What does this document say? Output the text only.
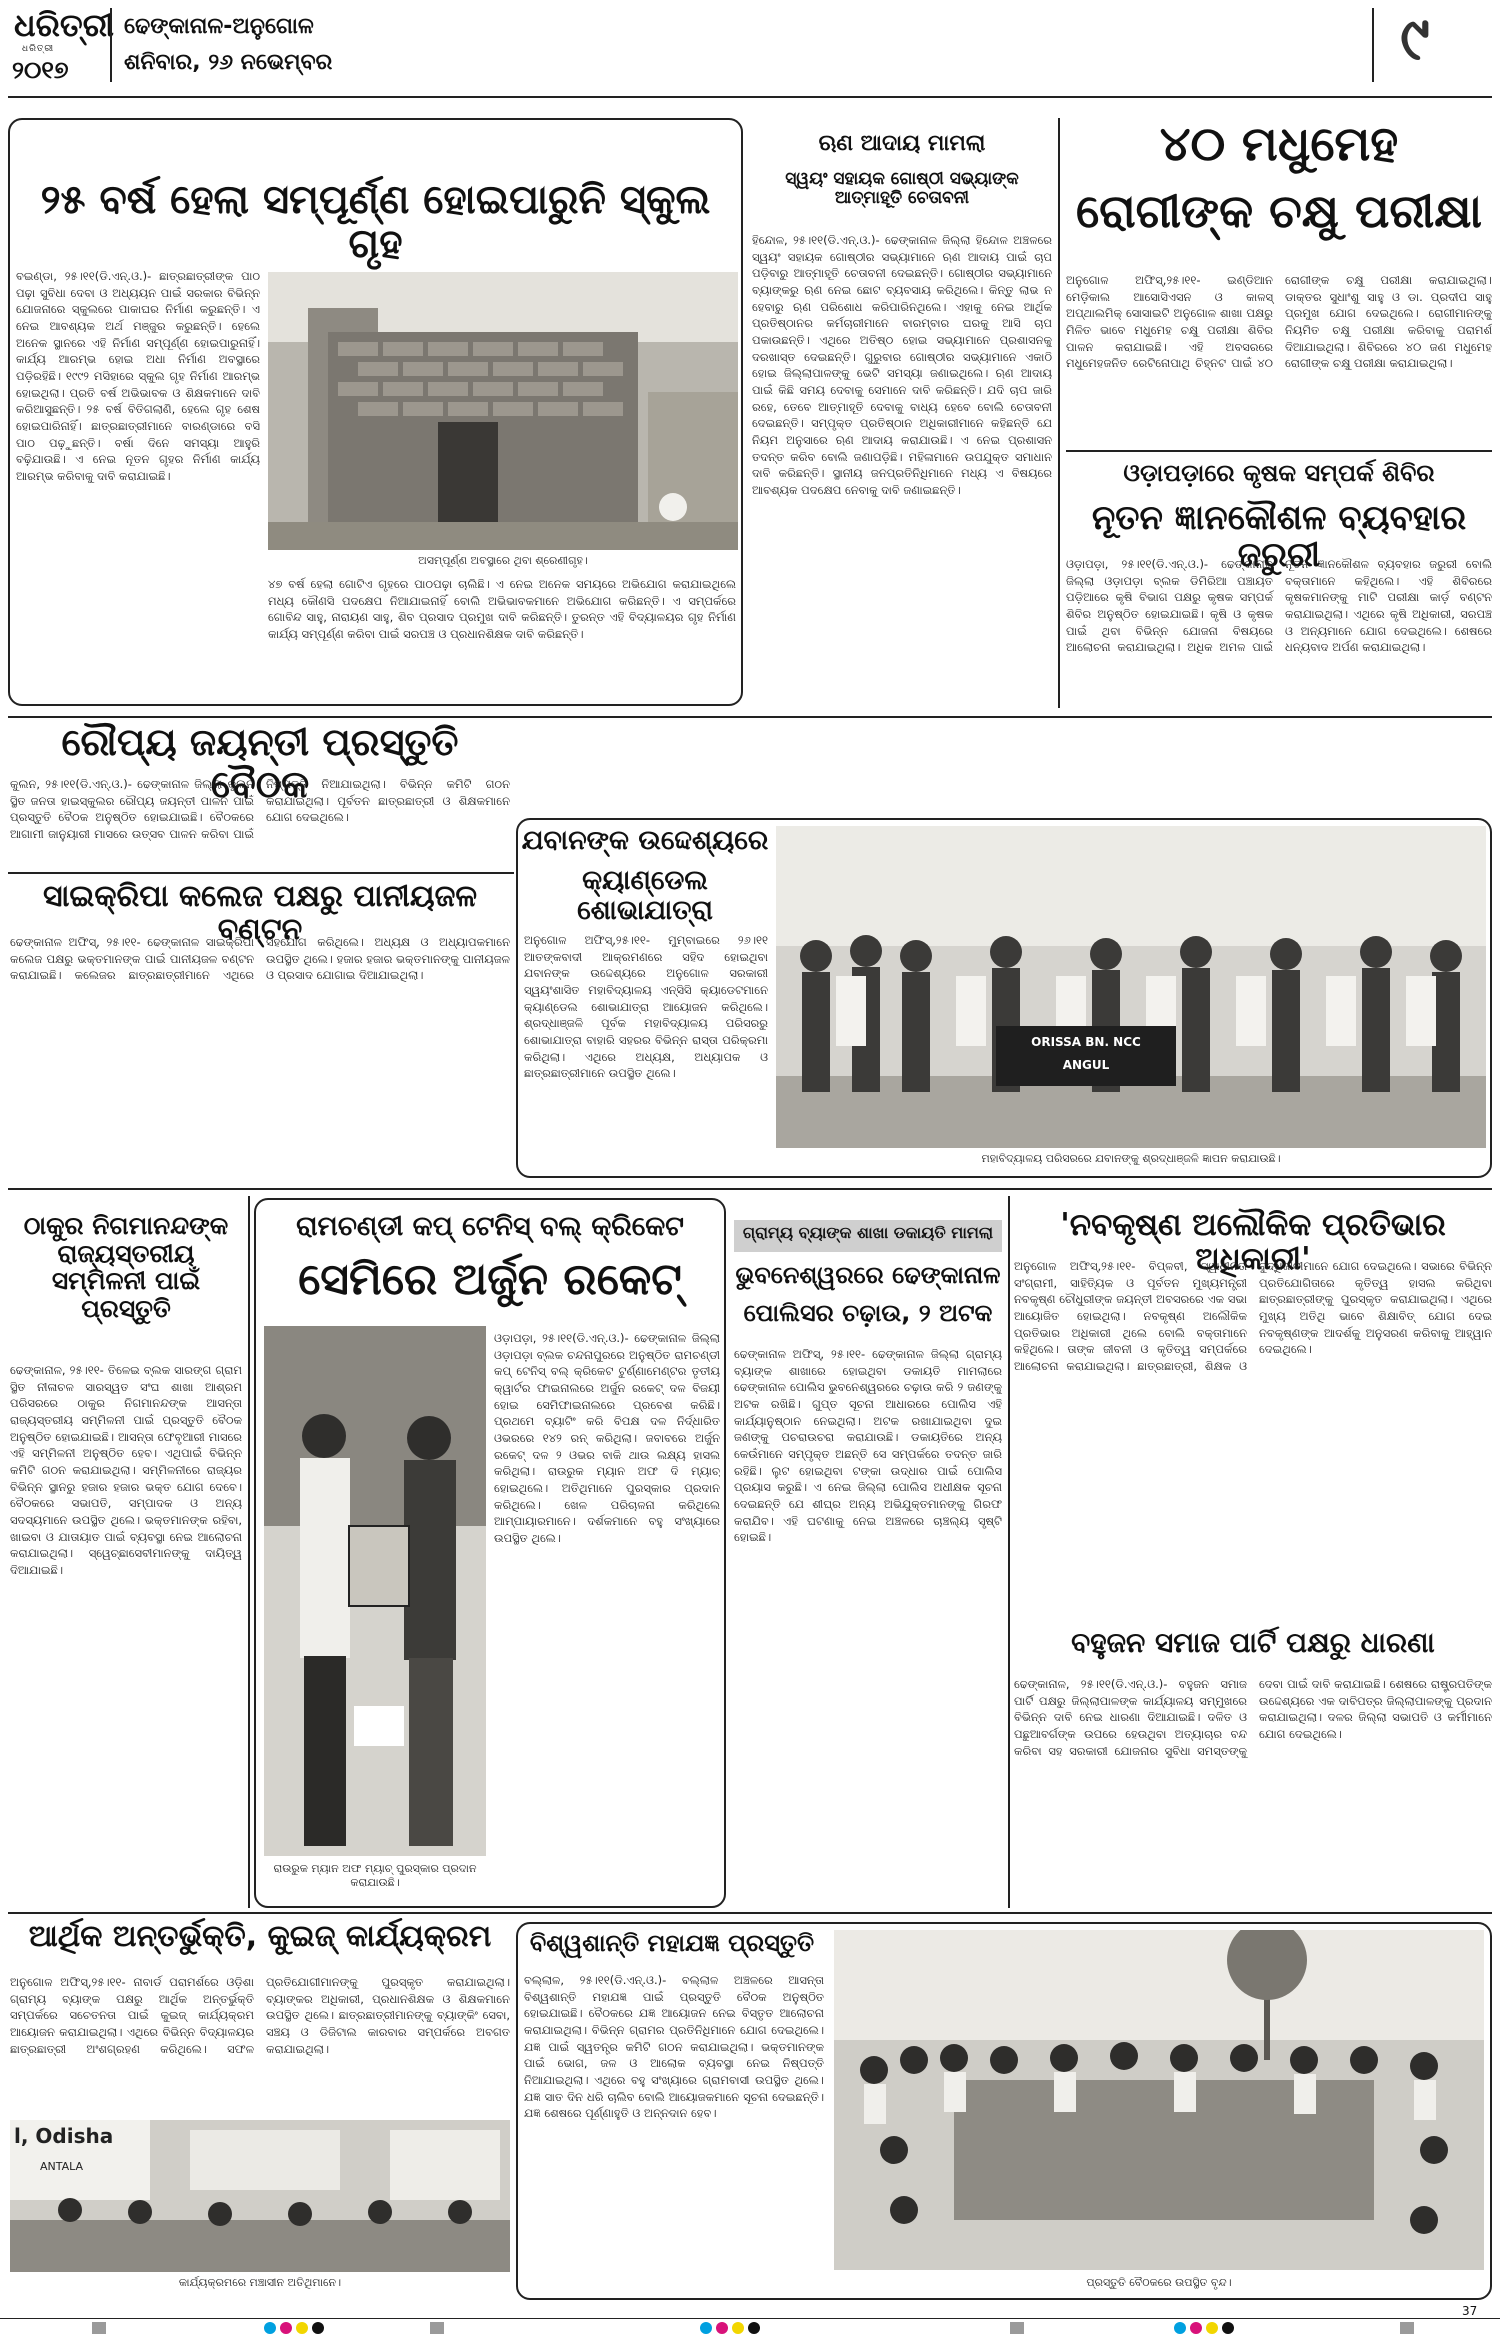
ଧରିତ୍ରୀ
ଧରିତ୍ରୀ
୨୦୧୭
ଢେଙ୍କାନାଳ-ଅନୁଗୋଳ
ଶନିବାର, ୨୬ ନଭେମ୍ବର	୯
୨୫ ବର୍ଷ ହେଲା ସମ୍ପୂର୍ଣ୍ଣ ହୋଇପାରୁନି ସ୍କୁଲ ଗୃହ
ଅସମ୍ପୂର୍ଣ୍ଣ ଅବସ୍ଥାରେ ଥିବା ଶ୍ରେଣୀଗୃହ।
ବଇଣ୍ଡା, ୨୫।୧୧(ଡି.ଏନ୍.ଓ.)- ଛାତ୍ରଛାତ୍ରୀଙ୍କ ପାଠ ପଢ଼ା ସୁବିଧା ଦେବା ଓ ଅଧ୍ୟୟନ ପାଇଁ ସରକାର ବିଭିନ୍ନ ଯୋଜନାରେ ସ୍କୁଲରେ ପାକାଘର ନିର୍ମାଣ କରୁଛନ୍ତି। ଏ ନେଇ ଆବଶ୍ୟକ ଅର୍ଥ ମଞ୍ଜୁର କରୁଛନ୍ତି। ହେଲେ ଅନେକ ସ୍ଥାନରେ ଏହି ନିର୍ମାଣ ସମ୍ପୂର୍ଣ୍ଣ ହୋଇପାରୁନାହିଁ। କାର୍ଯ୍ୟ ଆରମ୍ଭ ହୋଇ ଅଧା ନିର୍ମାଣ ଅବସ୍ଥାରେ ପଡ଼ିରହିଛି। ୧୯୯୨ ମସିହାରେ ସ୍କୁଲ ଗୃହ ନିର୍ମାଣ ଆରମ୍ଭ ହୋଇଥିଲା। ପ୍ରତି ବର୍ଷ ଅଭିଭାବକ ଓ ଶିକ୍ଷକମାନେ ଦାବି କରିଆସୁଛନ୍ତି। ୨୫ ବର୍ଷ ବିତିଗଲାଣି, ହେଲେ ଗୃହ ଶେଷ ହୋଇପାରିନାହିଁ। ଛାତ୍ରଛାତ୍ରୀମାନେ ବାରଣ୍ଡାରେ ବସି ପାଠ ପଢ଼ୁଛନ୍ତି। ବର୍ଷା ଦିନେ ସମସ୍ୟା ଆହୁରି ବଢ଼ିଯାଉଛି। ଏ ନେଇ ନୂତନ ଗୃହର ନିର୍ମାଣ କାର୍ଯ୍ୟ ଆରମ୍ଭ କରିବାକୁ ଦାବି କରାଯାଇଛି।
୪୭ ବର୍ଷ ହେଲା ଗୋଟିଏ ଗୃହରେ ପାଠପଢ଼ା ଚାଲିଛି। ଏ ନେଇ ଅନେକ ସମୟରେ ଅଭିଯୋଗ କରାଯାଇଥିଲେ ମଧ୍ୟ କୌଣସି ପଦକ୍ଷେପ ନିଆଯାଇନାହିଁ ବୋଲି ଅଭିଭାବକମାନେ ଅଭିଯୋଗ କରିଛନ୍ତି। ଏ ସମ୍ପର୍କରେ ଗୋବିନ୍ଦ ସାହୁ, ନାରାୟଣ ସାହୁ, ଶିବ ପ୍ରସାଦ ପ୍ରମୁଖ ଦାବି କରିଛନ୍ତି। ତୁରନ୍ତ ଏହି ବିଦ୍ୟାଳୟର ଗୃହ ନିର୍ମାଣ କାର୍ଯ୍ୟ ସମ୍ପୂର୍ଣ୍ଣ କରିବା ପାଇଁ ସରପଞ୍ଚ ଓ ପ୍ରଧାନଶିକ୍ଷକ ଦାବି କରିଛନ୍ତି।
ଋଣ ଆଦାୟ ମାମଲା
ସ୍ୱୟଂ ସହାୟକ ଗୋଷ୍ଠୀ ସଭ୍ୟାଙ୍କ ଆତ୍ମାହୂତି ଚେତାବନୀ
ହିନ୍ଦୋଳ, ୨୫।୧୧(ଡି.ଏନ୍.ଓ.)- ଢେଙ୍କାନାଳ ଜିଲ୍ଲା ହିନ୍ଦୋଳ ଅଞ୍ଚଳରେ ସ୍ୱୟଂ ସହାୟକ ଗୋଷ୍ଠୀର ସଭ୍ୟାମାନେ ଋଣ ଆଦାୟ ପାଇଁ ଚାପ ପଡ଼ିବାରୁ ଆତ୍ମାହୂତି ଚେତାବନୀ ଦେଇଛନ୍ତି। ଗୋଷ୍ଠୀର ସଭ୍ୟାମାନେ ବ୍ୟାଙ୍କରୁ ଋଣ ନେଇ ଛୋଟ ବ୍ୟବସାୟ କରିଥିଲେ। କିନ୍ତୁ ଲାଭ ନ ହେବାରୁ ଋଣ ପରିଶୋଧ କରିପାରିନଥିଲେ। ଏହାକୁ ନେଇ ଆର୍ଥିକ ପ୍ରତିଷ୍ଠାନର କର୍ମଚାରୀମାନେ ବାରମ୍ବାର ଘରକୁ ଆସି ଚାପ ପକାଉଛନ୍ତି। ଏଥିରେ ଅତିଷ୍ଠ ହୋଇ ସଭ୍ୟାମାନେ ପ୍ରଶାସନକୁ ଦରଖାସ୍ତ ଦେଇଛନ୍ତି। ଗୁରୁବାର ଗୋଷ୍ଠୀର ସଭ୍ୟାମାନେ ଏକାଠି ହୋଇ ଜିଲ୍ଲାପାଳଙ୍କୁ ଭେଟି ସମସ୍ୟା ଜଣାଇଥିଲେ। ଋଣ ଆଦାୟ ପାଇଁ କିଛି ସମୟ ଦେବାକୁ ସେମାନେ ଦାବି କରିଛନ୍ତି। ଯଦି ଚାପ ଜାରି ରହେ, ତେବେ ଆତ୍ମାହୂତି ଦେବାକୁ ବାଧ୍ୟ ହେବେ ବୋଲି ଚେତାବନୀ ଦେଇଛନ୍ତି। ସମ୍ପୃକ୍ତ ପ୍ରତିଷ୍ଠାନ ଅଧିକାରୀମାନେ କହିଛନ୍ତି ଯେ ନିୟମ ଅନୁସାରେ ଋଣ ଆଦାୟ କରାଯାଉଛି। ଏ ନେଇ ପ୍ରଶାସନ ତଦନ୍ତ କରିବ ବୋଲି ଜଣାପଡ଼ିଛି। ମହିଳାମାନେ ଉପଯୁକ୍ତ ସମାଧାନ ଦାବି କରିଛନ୍ତି। ସ୍ଥାନୀୟ ଜନପ୍ରତିନିଧିମାନେ ମଧ୍ୟ ଏ ବିଷୟରେ ଆବଶ୍ୟକ ପଦକ୍ଷେପ ନେବାକୁ ଦାବି ଜଣାଇଛନ୍ତି।
୪୦ ମଧୁମେହ
ରୋଗୀଙ୍କ ଚକ୍ଷୁ ପରୀକ୍ଷା
ଅନୁଗୋଳ ଅଫିସ୍,୨୫।୧୧- ଇଣ୍ଡିଆନ ମେଡ଼ିକାଲ ଆସୋସିଏସନ ଓ କାଳସ୍ ଅପ୍ଥାଲମିକ୍ ସୋସାଇଟି ଅନୁଗୋଳ ଶାଖା ପକ୍ଷରୁ ମିଳିତ ଭାବେ ମଧୁମେହ ଚକ୍ଷୁ ପରୀକ୍ଷା ଶିବିର ପାଳନ କରାଯାଇଛି। ଏହି ଅବସରରେ ମଧୁମେହଜନିତ ରେଟିନୋପାଥି ଚିହ୍ନଟ ପାଇଁ ୪୦ ରୋଗୀଙ୍କ ଚକ୍ଷୁ ପରୀକ୍ଷା କରାଯାଇଥିଲା। ଡାକ୍ତର ସୁଧାଂଶୁ ସାହୁ ଓ ଡା. ପ୍ରଦୀପ ସାହୁ ପ୍ରମୁଖ ଯୋଗ ଦେଇଥିଲେ। ରୋଗୀମାନଙ୍କୁ ନିୟମିତ ଚକ୍ଷୁ ପରୀକ୍ଷା କରିବାକୁ ପରାମର୍ଶ ଦିଆଯାଇଥିଲା। ଶିବିରରେ ୪୦ ଜଣ ମଧୁମେହ ରୋଗୀଙ୍କ ଚକ୍ଷୁ ପରୀକ୍ଷା କରାଯାଇଥିଲା।
ଓଡ଼ାପଡ଼ାରେ କୃଷକ ସମ୍ପର୍କ ଶିବିର
ନୂତନ ଜ୍ଞାନକୌଶଳ ବ୍ୟବହାର ଜରୁରୀ
ଓଡ଼ାପଡ଼ା, ୨୫।୧୧(ଡି.ଏନ୍.ଓ.)- ଢେଙ୍କାନାଳ ଜିଲ୍ଲା ଓଡ଼ାପଡ଼ା ବ୍ଲକ ଡିମିରିଆ ପଞ୍ଚାୟତ ପଡ଼ିଆରେ କୃଷି ବିଭାଗ ପକ୍ଷରୁ କୃଷକ ସମ୍ପର୍କ ଶିବିର ଅନୁଷ୍ଠିତ ହୋଇଯାଇଛି। କୃଷି ଓ କୃଷକ ପାଇଁ ଥିବା ବିଭିନ୍ନ ଯୋଜନା ବିଷୟରେ ଆଲୋଚନା କରାଯାଇଥିଲା। ଅଧିକ ଅମଳ ପାଇଁ ନୂତନ ଜ୍ଞାନକୌଶଳ ବ୍ୟବହାର ଜରୁରୀ ବୋଲି ବକ୍ତାମାନେ କହିଥିଲେ। ଏହି ଶିବିରରେ କୃଷକମାନଙ୍କୁ ମାଟି ପରୀକ୍ଷା କାର୍ଡ଼ ବଣ୍ଟନ କରାଯାଇଥିଲା। ଏଥିରେ କୃଷି ଅଧିକାରୀ, ସରପଞ୍ଚ ଓ ଅନ୍ୟମାନେ ଯୋଗ ଦେଇଥିଲେ। ଶେଷରେ ଧନ୍ୟବାଦ ଅର୍ପଣ କରାଯାଇଥିଲା।
ରୌପ୍ୟ ଜୟନ୍ତୀ ପ୍ରସ୍ତୁତି ବୈଠକ
କୁଲନ, ୨୫।୧୧(ଡି.ଏନ୍.ଓ.)- ଢେଙ୍କାନାଳ ଜିଲ୍ଲା କୁଲନ ସ୍ଥିତ ଜନତା ହାଇସ୍କୁଲର ରୌପ୍ୟ ଜୟନ୍ତୀ ପାଳନ ପାଇଁ ପ୍ରସ୍ତୁତି ବୈଠକ ଅନୁଷ୍ଠିତ ହୋଇଯାଇଛି। ବୈଠକରେ ଆଗାମୀ ଜାନୁୟାରୀ ମାସରେ ଉତ୍ସବ ପାଳନ କରିବା ପାଇଁ ନିଷ୍ପତ୍ତି ନିଆଯାଇଥିଲା। ବିଭିନ୍ନ କମିଟି ଗଠନ କରାଯାଇଥିଲା। ପୂର୍ବତନ ଛାତ୍ରଛାତ୍ରୀ ଓ ଶିକ୍ଷକମାନେ ଯୋଗ ଦେଇଥିଲେ।
ସାଇକ୍ରିପା କଲେଜ ପକ୍ଷରୁ ପାନୀୟଜଳ ବଣ୍ଟନ
ଢେଙ୍କାନାଳ ଅଫିସ୍, ୨୫।୧୧- ଢେଙ୍କାନାଳ ସାଇକ୍ରିପା କଲେଜ ପକ୍ଷରୁ ଭକ୍ତମାନଙ୍କ ପାଇଁ ପାନୀୟଜଳ ବଣ୍ଟନ କରାଯାଇଛି। କଲେଜର ଛାତ୍ରଛାତ୍ରୀମାନେ ଏଥିରେ ସହଯୋଗ କରିଥିଲେ। ଅଧ୍ୟକ୍ଷ ଓ ଅଧ୍ୟାପକମାନେ ଉପସ୍ଥିତ ଥିଲେ। ହଜାର ହଜାର ଭକ୍ତମାନଙ୍କୁ ପାନୀୟଜଳ ଓ ପ୍ରସାଦ ଯୋଗାଇ ଦିଆଯାଇଥିଲା।
ଯବାନଙ୍କ ଉଦ୍ଦେଶ୍ୟରେ
କ୍ୟାଣ୍ଡେଲ ଶୋଭାଯାତ୍ରା
ଅନୁଗୋଳ ଅଫିସ୍,୨୫।୧୧- ମୁମ୍ବାଇରେ ୨୬।୧୧ ଆତଙ୍କବାଦୀ ଆକ୍ରମଣରେ ସହିଦ ହୋଇଥିବା ଯବାନଙ୍କ ଉଦ୍ଦେଶ୍ୟରେ ଅନୁଗୋଳ ସରକାରୀ ସ୍ୱୟଂଶାସିତ ମହାବିଦ୍ୟାଳୟ ଏନ୍‌ସିସି କ୍ୟାଡେଟମାନେ କ୍ୟାଣ୍ଡେଲ ଶୋଭାଯାତ୍ରା ଆୟୋଜନ କରିଥିଲେ। ଶ୍ରଦ୍ଧାଞ୍ଜଳି ପୂର୍ବକ ମହାବିଦ୍ୟାଳୟ ପରିସରରୁ ଶୋଭାଯାତ୍ରା ବାହାରି ସହରର ବିଭିନ୍ନ ରାସ୍ତା ପରିକ୍ରମା କରିଥିଲା। ଏଥିରେ ଅଧ୍ୟକ୍ଷ, ଅଧ୍ୟାପକ ଓ ଛାତ୍ରଛାତ୍ରୀମାନେ ଉପସ୍ଥିତ ଥିଲେ।
ORISSA BN. NCC
ANGUL
ମହାବିଦ୍ୟାଳୟ ପରିସରରେ ଯବାନଙ୍କୁ ଶ୍ରଦ୍ଧାଞ୍ଜଳି ଜ୍ଞାପନ କରାଯାଉଛି।
ଠାକୁର ନିଗମାନନ୍ଦଙ୍କ ରାଜ୍ୟସ୍ତରୀୟ ସମ୍ମିଳନୀ ପାଇଁ ପ୍ରସ୍ତୁତି
ଢେଙ୍କାନାଳ, ୨୫।୧୧- ତିଳେଇ ବ୍ଲକ ସାରଙ୍ଗ ଗ୍ରାମ ସ୍ଥିତ ନୀଳାଚଳ ସାରସ୍ୱତ ସଂଘ ଶାଖା ଆଶ୍ରମ ପରିସରରେ ଠାକୁର ନିଗମାନନ୍ଦଙ୍କ ଆସନ୍ତା ରାଜ୍ୟସ୍ତରୀୟ ସମ୍ମିଳନୀ ପାଇଁ ପ୍ରସ୍ତୁତି ବୈଠକ ଅନୁଷ୍ଠିତ ହୋଇଯାଇଛି। ଆସନ୍ତା ଫେବୃଆରୀ ମାସରେ ଏହି ସମ୍ମିଳନୀ ଅନୁଷ୍ଠିତ ହେବ। ଏଥିପାଇଁ ବିଭିନ୍ନ କମିଟି ଗଠନ କରାଯାଇଥିଲା। ସମ୍ମିଳନୀରେ ରାଜ୍ୟର ବିଭିନ୍ନ ସ୍ଥାନରୁ ହଜାର ହଜାର ଭକ୍ତ ଯୋଗ ଦେବେ। ବୈଠକରେ ସଭାପତି, ସମ୍ପାଦକ ଓ ଅନ୍ୟ ସଦସ୍ୟମାନେ ଉପସ୍ଥିତ ଥିଲେ। ଭକ୍ତମାନଙ୍କ ରହିବା, ଖାଇବା ଓ ଯାତାୟାତ ପାଇଁ ବ୍ୟବସ୍ଥା ନେଇ ଆଲୋଚନା କରାଯାଇଥିଲା। ସ୍ୱେଚ୍ଛାସେବୀମାନଙ୍କୁ ଦାୟିତ୍ୱ ଦିଆଯାଇଛି।
ରାମଚଣ୍ଡୀ କପ୍ ଟେନିସ୍ ବଲ୍ କ୍ରିକେଟ
ସେମିରେ ଅର୍ଜୁନ ରକେଟ୍
ରାଉରୁକ ମ୍ୟାନ ଅଫ ମ୍ୟାଚ୍ ପୁରସ୍କାର ପ୍ରଦାନ କରାଯାଉଛି।
ଓଡ଼ାପଡ଼ା, ୨୫।୧୧(ଡି.ଏନ୍.ଓ.)- ଢେଙ୍କାନାଳ ଜିଲ୍ଲା ଓଡ଼ାପଡ଼ା ବ୍ଲକ ଚନ୍ଦନାପୁରରେ ଅନୁଷ୍ଠିତ ରାମଚଣ୍ଡୀ କପ୍ ଟେନିସ୍ ବଲ୍ କ୍ରିକେଟ ଟୁର୍ଣ୍ଣାମେଣ୍ଟର ତୃତୀୟ କ୍ୱାର୍ଟର ଫାଇନାଲରେ ଅର୍ଜୁନ ରକେଟ୍ ଦଳ ବିଜୟୀ ହୋଇ ସେମିଫାଇନାଲରେ ପ୍ରବେଶ କରିଛି। ପ୍ରଥମେ ବ୍ୟାଟିଂ କରି ବିପକ୍ଷ ଦଳ ନିର୍ଦ୍ଧାରିତ ଓଭରରେ ୧୪୨ ରନ୍ କରିଥିଲା। ଜବାବରେ ଅର୍ଜୁନ ରକେଟ୍ ଦଳ ୨ ଓଭର ବାକି ଥାଉ ଲକ୍ଷ୍ୟ ହାସଲ କରିଥିଲା। ରାଉରୁକ ମ୍ୟାନ ଅଫ ଦି ମ୍ୟାଚ୍ ହୋଇଥିଲେ। ଅତିଥିମାନେ ପୁରସ୍କାର ପ୍ରଦାନ କରିଥିଲେ। ଖେଳ ପରିଚାଳନା କରିଥିଲେ ଆମ୍ପାୟାରମାନେ। ଦର୍ଶକମାନେ ବହୁ ସଂଖ୍ୟାରେ ଉପସ୍ଥିତ ଥିଲେ।
ଗ୍ରାମ୍ୟ ବ୍ୟାଙ୍କ ଶାଖା ଡକାୟତି ମାମଲା
ଭୁବନେଶ୍ୱରରେ ଢେଙ୍କାନାଳ
ପୋଲିସର ଚଢ଼ାଉ, ୨ ଅଟକ
ଢେଙ୍କାନାଳ ଅଫିସ୍, ୨୫।୧୧- ଢେଙ୍କାନାଳ ଜିଲ୍ଲା ଗ୍ରାମ୍ୟ ବ୍ୟାଙ୍କ ଶାଖାରେ ହୋଇଥିବା ଡକାୟତି ମାମଲାରେ ଢେଙ୍କାନାଳ ପୋଲିସ ଭୁବନେଶ୍ୱରରେ ଚଢ଼ାଉ କରି ୨ ଜଣଙ୍କୁ ଅଟକ ରଖିଛି। ଗୁପ୍ତ ସୂଚନା ଆଧାରରେ ପୋଲିସ ଏହି କାର୍ଯ୍ୟାନୁଷ୍ଠାନ ନେଇଥିଲା। ଅଟକ ରଖାଯାଇଥିବା ଦୁଇ ଜଣଙ୍କୁ ପଚରାଉଚରା କରାଯାଉଛି। ଡକାୟତିରେ ଅନ୍ୟ କେଉଁମାନେ ସମ୍ପୃକ୍ତ ଅଛନ୍ତି ସେ ସମ୍ପର୍କରେ ତଦନ୍ତ ଜାରି ରହିଛି। ଲୁଟ ହୋଇଥିବା ଟଙ୍କା ଉଦ୍ଧାର ପାଇଁ ପୋଲିସ ପ୍ରୟାସ କରୁଛି। ଏ ନେଇ ଜିଲ୍ଲା ପୋଲିସ ଅଧୀକ୍ଷକ ସୂଚନା ଦେଇଛନ୍ତି ଯେ ଶୀଘ୍ର ଅନ୍ୟ ଅଭିଯୁକ୍ତମାନଙ୍କୁ ଗିରଫ କରାଯିବ। ଏହି ଘଟଣାକୁ ନେଇ ଅଞ୍ଚଳରେ ଚାଞ୍ଚଲ୍ୟ ସୃଷ୍ଟି ହୋଇଛି।
'ନବକୃଷ୍ଣ ଅଲୌକିକ ପ୍ରତିଭାର ଅଧିକାରୀ'
ଅନୁଗୋଳ ଅଫିସ୍,୨୫।୧୧- ବିପ୍ଳବୀ, ସ୍ୱାଧୀନତା ସଂଗ୍ରାମୀ, ସାହିତ୍ୟିକ ଓ ପୂର୍ବତନ ମୁଖ୍ୟମନ୍ତ୍ରୀ ନବକୃଷ୍ଣ ଚୌଧୁରୀଙ୍କ ଜୟନ୍ତୀ ଅବସରରେ ଏକ ସଭା ଆୟୋଜିତ ହୋଇଥିଲା। ନବକୃଷ୍ଣ ଅଲୌକିକ ପ୍ରତିଭାର ଅଧିକାରୀ ଥିଲେ ବୋଲି ବକ୍ତାମାନେ କହିଥିଲେ। ତାଙ୍କ ଜୀବନୀ ଓ କୃତିତ୍ୱ ସମ୍ପର୍କରେ ଆଲୋଚନା କରାଯାଇଥିଲା। ଛାତ୍ରଛାତ୍ରୀ, ଶିକ୍ଷକ ଓ ବୁଦ୍ଧିଜୀବୀମାନେ ଯୋଗ ଦେଇଥିଲେ। ସଭାରେ ବିଭିନ୍ନ ପ୍ରତିଯୋଗିତାରେ କୃତିତ୍ୱ ହାସଲ କରିଥିବା ଛାତ୍ରଛାତ୍ରୀଙ୍କୁ ପୁରସ୍କୃତ କରାଯାଇଥିଲା। ଏଥିରେ ମୁଖ୍ୟ ଅତିଥି ଭାବେ ଶିକ୍ଷାବିତ୍ ଯୋଗ ଦେଇ ନବକୃଷ୍ଣଙ୍କ ଆଦର୍ଶକୁ ଅନୁସରଣ କରିବାକୁ ଆହ୍ୱାନ ଦେଇଥିଲେ।
ବହୁଜନ ସମାଜ ପାର୍ଟି ପକ୍ଷରୁ ଧାରଣା
ଢେଙ୍କାନାଳ, ୨୫।୧୧(ଡି.ଏନ୍.ଓ.)- ବହୁଜନ ସମାଜ ପାର୍ଟି ପକ୍ଷରୁ ଜିଲ୍ଲାପାଳଙ୍କ କାର୍ଯ୍ୟାଳୟ ସମ୍ମୁଖରେ ବିଭିନ୍ନ ଦାବି ନେଇ ଧାରଣା ଦିଆଯାଇଛି। ଦଳିତ ଓ ପଛୁଆବର୍ଗଙ୍କ ଉପରେ ହେଉଥିବା ଅତ୍ୟାଚାର ବନ୍ଦ କରିବା ସହ ସରକାରୀ ଯୋଜନାର ସୁବିଧା ସମସ୍ତଙ୍କୁ ଦେବା ପାଇଁ ଦାବି କରାଯାଇଛି। ଶେଷରେ ରାଷ୍ଟ୍ରପତିଙ୍କ ଉଦ୍ଦେଶ୍ୟରେ ଏକ ଦାବିପତ୍ର ଜିଲ୍ଲାପାଳଙ୍କୁ ପ୍ରଦାନ କରାଯାଇଥିଲା। ଦଳର ଜିଲ୍ଲା ସଭାପତି ଓ କର୍ମୀମାନେ ଯୋଗ ଦେଇଥିଲେ।
ଆର୍ଥିକ ଅନ୍ତର୍ଭୁକ୍ତି, କୁଇଜ୍ କାର୍ଯ୍ୟକ୍ରମ
ଅନୁଗୋଳ ଅଫିସ୍,୨୫।୧୧- ନାବାର୍ଡ ପରାମର୍ଶରେ ଓଡ଼ିଶା ଗ୍ରାମ୍ୟ ବ୍ୟାଙ୍କ ପକ୍ଷରୁ ଆର୍ଥିକ ଅନ୍ତର୍ଭୁକ୍ତି ସମ୍ପର୍କରେ ସଚେତନତା ପାଇଁ କୁଇଜ୍ କାର୍ଯ୍ୟକ୍ରମ ଆୟୋଜନ କରାଯାଇଥିଲା। ଏଥିରେ ବିଭିନ୍ନ ବିଦ୍ୟାଳୟର ଛାତ୍ରଛାତ୍ରୀ ଅଂଶଗ୍ରହଣ କରିଥିଲେ। ସଫଳ ପ୍ରତିଯୋଗୀମାନଙ୍କୁ ପୁରସ୍କୃତ କରାଯାଇଥିଲା। ବ୍ୟାଙ୍କର ଅଧିକାରୀ, ପ୍ରଧାନଶିକ୍ଷକ ଓ ଶିକ୍ଷକମାନେ ଉପସ୍ଥିତ ଥିଲେ। ଛାତ୍ରଛାତ୍ରୀମାନଙ୍କୁ ବ୍ୟାଙ୍କିଂ ସେବା, ସଞ୍ଚୟ ଓ ଡିଜିଟାଲ କାରବାର ସମ୍ପର୍କରେ ଅବଗତ କରାଯାଇଥିଲା।
l, Odisha
ANTALA
କାର୍ଯ୍ୟକ୍ରମରେ ମଞ୍ଚାସୀନ ଅତିଥିମାନେ।
ବିଶ୍ୱଶାନ୍ତି ମହାଯଜ୍ଞ ପ୍ରସ୍ତୁତି
ବଲ୍ଲାଳ, ୨୫।୧୧(ଡି.ଏନ୍.ଓ.)- ବଲ୍ଲାଳ ଅଞ୍ଚଳରେ ଆସନ୍ତା ବିଶ୍ୱଶାନ୍ତି ମହାଯଜ୍ଞ ପାଇଁ ପ୍ରସ୍ତୁତି ବୈଠକ ଅନୁଷ୍ଠିତ ହୋଇଯାଇଛି। ବୈଠକରେ ଯଜ୍ଞ ଆୟୋଜନ ନେଇ ବିସ୍ତୃତ ଆଲୋଚନା କରାଯାଇଥିଲା। ବିଭିନ୍ନ ଗ୍ରାମର ପ୍ରତିନିଧିମାନେ ଯୋଗ ଦେଇଥିଲେ। ଯଜ୍ଞ ପାଇଁ ସ୍ୱତନ୍ତ୍ର କମିଟି ଗଠନ କରାଯାଇଥିଲା। ଭକ୍ତମାନଙ୍କ ପାଇଁ ଭୋଗ, ଜଳ ଓ ଆଲୋକ ବ୍ୟବସ୍ଥା ନେଇ ନିଷ୍ପତ୍ତି ନିଆଯାଇଥିଲା। ଏଥିରେ ବହୁ ସଂଖ୍ୟାରେ ଗ୍ରାମବାସୀ ଉପସ୍ଥିତ ଥିଲେ। ଯଜ୍ଞ ସାତ ଦିନ ଧରି ଚାଲିବ ବୋଲି ଆୟୋଜକମାନେ ସୂଚନା ଦେଇଛନ୍ତି। ଯଜ୍ଞ ଶେଷରେ ପୂର୍ଣ୍ଣାହୁତି ଓ ଅନ୍ନଦାନ ହେବ।
ପ୍ରସ୍ତୁତି ବୈଠକରେ ଉପସ୍ଥିତ ବୃନ୍ଦ।
37
